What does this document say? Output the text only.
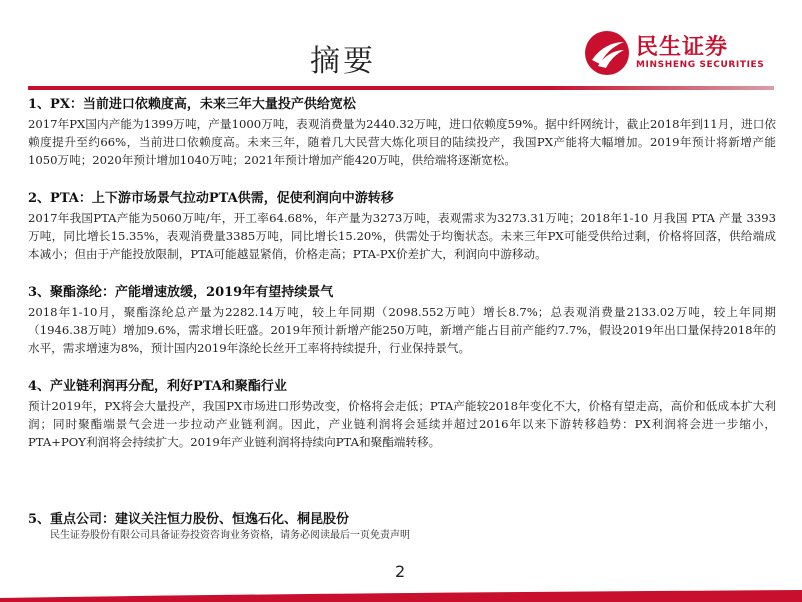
摘要	民生证券
MINSHENG SECURITIES
1、PX：当前进口依赖度高，未来三年大量投产供给宽松
2017年PX国内产能为1399万吨，产量1000万吨，表观消费量为2440.32万吨，进口依赖度59%。据中纤网统计，截止2018年到11月，进口依赖度提升至约66%，当前进口依赖度高。未来三年，随着几大民营大炼化项目的陆续投产，我国PX产能将大幅增加。2019年预计将新增产能1050万吨；2020年预计增加1040万吨；2021年预计增加产能420万吨，供给端将逐渐宽松。
2、PTA：上下游市场景气拉动PTA供需，促使利润向中游转移
2017年我国PTA产能为5060万吨/年，开工率64.68%，年产量为3273万吨，表观需求为3273.31万吨；2018年1-10 月我国 PTA 产量 3393 万吨，同比增长15.35%，表观消费量3385万吨，同比增长15.20%，供需处于均衡状态。未来三年PX可能受供给过剩，价格将回落，供给端成本减小；但由于产能投放限制，PTA可能越显紧俏，价格走高；PTA-PX价差扩大，利润向中游移动。
3、聚酯涤纶：产能增速放缓，2019年有望持续景气
2018年1-10月，聚酯涤纶总产量为2282.14万吨，较上年同期（2098.552万吨）增长8.7%；总表观消费量2133.02万吨，较上年同期（1946.38万吨）增加9.6%，需求增长旺盛。2019年预计新增产能250万吨，新增产能占目前产能约7.7%，假设2019年出口量保持2018年的水平，需求增速为8%，预计国内2019年涤纶长丝开工率将持续提升，行业保持景气。
4、产业链利润再分配，利好PTA和聚酯行业
预计2019年，PX将会大量投产，我国PX市场进口形势改变，价格将会走低；PTA产能较2018年变化不大，价格有望走高，高价和低成本扩大利润；同时聚酯端景气会进一步拉动产业链利润。因此，产业链利润将会延续并超过2016年以来下游转移趋势：PX利润将会进一步缩小，PTA+POY利润将会持续扩大。2019年产业链利润将持续向PTA和聚酯端转移。
5、重点公司：建议关注恒力股份、恒逸石化、桐昆股份
民生证券股份有限公司具备证券投资咨询业务资格，请务必阅读最后一页免责声明
2
